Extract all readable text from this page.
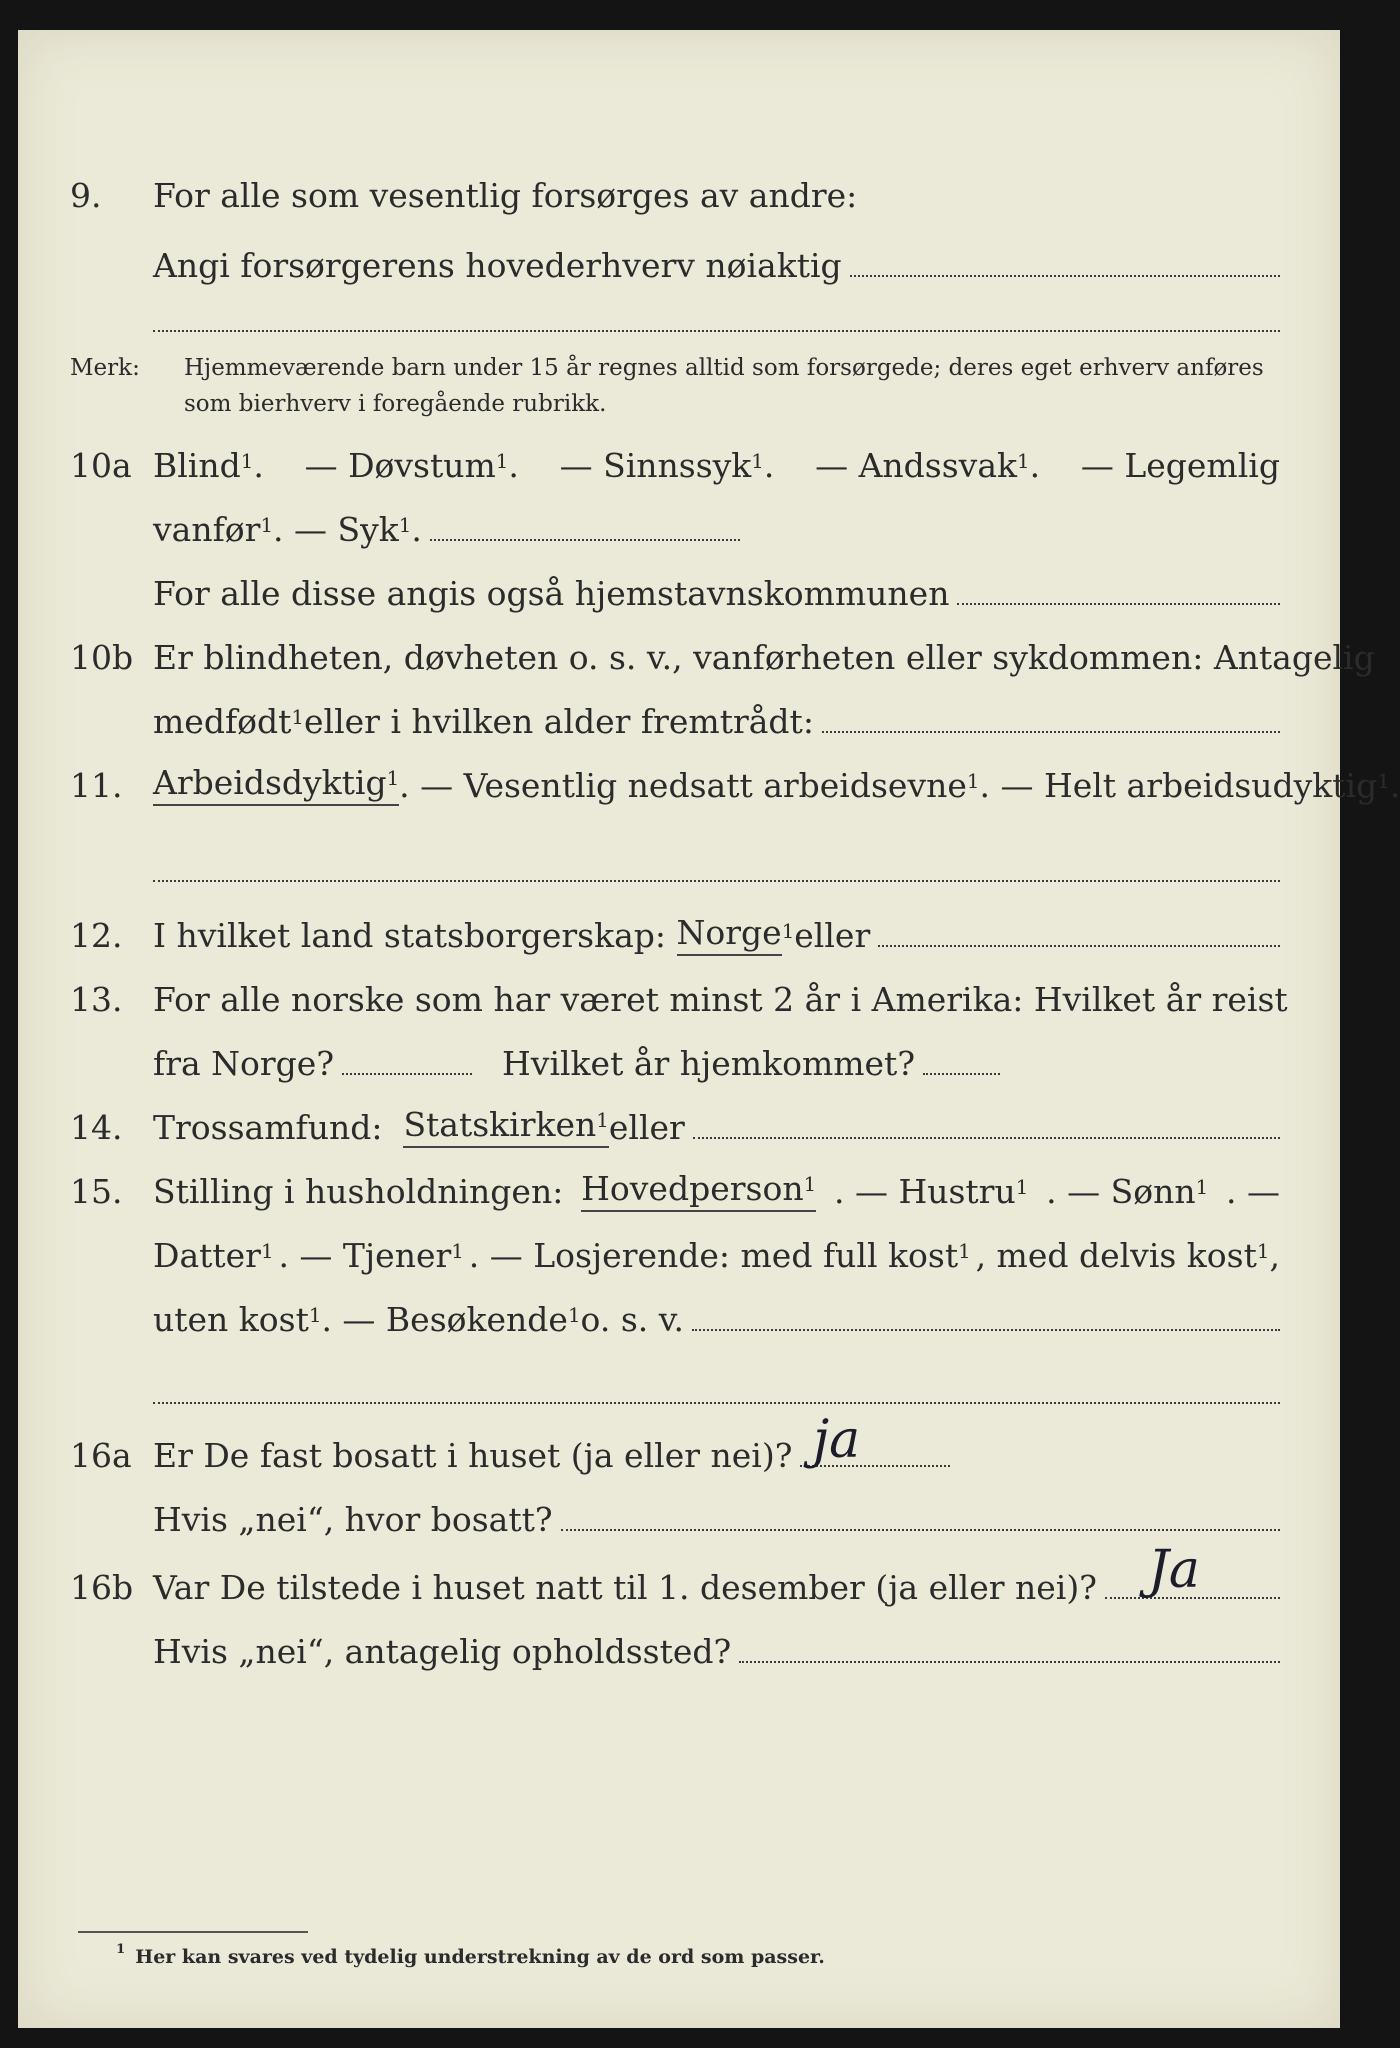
9. For alle som vesentlig forsørges av andre:
Angi forsørgerens hovederhverv nøiaktig
Merk: Hjemmeværende barn under 15 år regnes alltid som forsørgede; deres eget erhverv anføres som bierhverv i foregående rubrikk.
10a Blind$^1$. — Døvstum$^1$. — Sinnssyk$^1$. — Andssvak$^1$. — Legemlig
vanfør$^1$ . — Syk$^1$.
For alle disse angis også hjemstavnskommunen
10b Er blindheten, døvheten o. s. v., vanførheten eller sykdommen: Antagelig
medfødt$^1$ eller i hvilken alder fremtrådt:
11. Arbeidsdyktig$^1$ . — Vesentlig nedsatt arbeidsevne$^1$ . — Helt arbeidsudyktig$^1$.
12. I hvilket land statsborgerskap:
Norge$^1$ eller
13. For alle norske som har været minst 2 år i Amerika: Hvilket år reist
fra Norge?	Hvilket år hjemkommet?
14. Trossamfund:
Statskirken$^1$ eller
15. Stilling i husholdningen: Hovedperson$^1$ . — Hustru$^1$ . — Sønn$^1$ . —
Datter$^1$ . — Tjener$^1$ . — Losjerende: med full kost$^1$ , med delvis kost$^1$,
uten kost$^1$ . — Besøkende$^1$ o. s. v.
16a Er De fast bosatt i huset (ja eller nei)? ja
Hvis „nei“, hvor bosatt?
16b Var De tilstede i huset natt til 1. desember (ja eller nei)? Ja
Hvis „nei“, antagelig opholdssted?
$^1$ Her kan svares ved tydelig understrekning av de ord som passer.
